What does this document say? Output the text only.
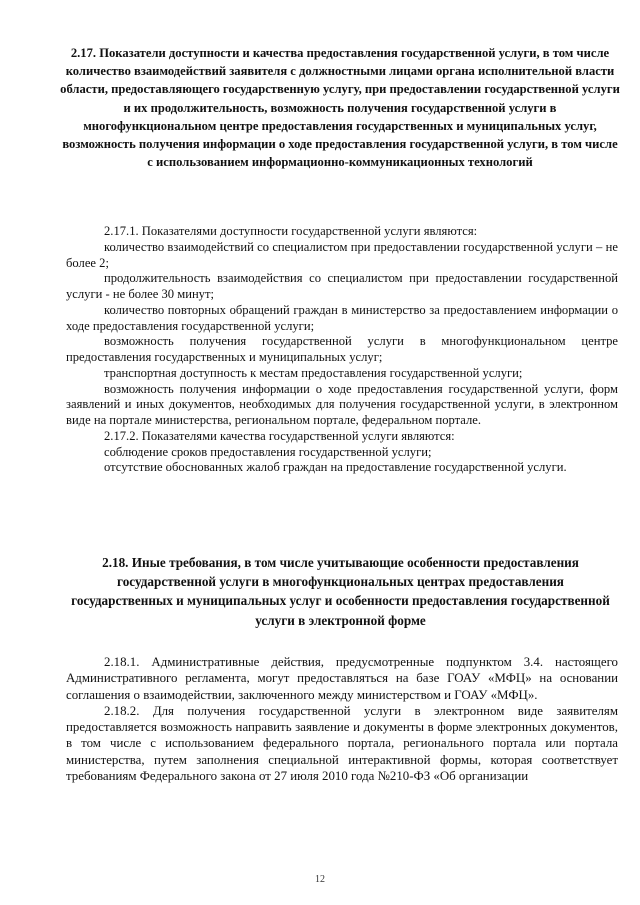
2.17. Показатели доступности и качества предоставления государственной услуги, в том числе количество взаимодействий заявителя с должностными лицами органа исполнительной власти области, предоставляющего государственную услугу, при предоставлении государственной услуги и их продолжительность, возможность получения государственной услуги в многофункциональном центре предоставления государственных и муниципальных услуг, возможность получения информации о ходе предоставления государственной услуги, в том числе с использованием информационно-коммуникационных технологий

2.17.1. Показателями доступности государственной услуги являются:

количество взаимодействий со специалистом при предоставлении государственной услуги – не более 2;

продолжительность взаимодействия со специалистом при предоставлении государственной услуги - не более 30 минут;

количество повторных обращений граждан в министерство за предоставлением информации о ходе предоставления государственной услуги;

возможность получения государственной услуги в многофункциональном центре предоставления государственных и муниципальных услуг;

транспортная доступность к местам предоставления государственной услуги;

возможность получения информации о ходе предоставления государственной услуги, форм заявлений и иных документов, необходимых для получения государственной услуги, в электронном виде на портале министерства, региональном портале, федеральном портале.

2.17.2. Показателями качества государственной услуги являются:

соблюдение сроков предоставления государственной услуги;

отсутствие обоснованных жалоб граждан на предоставление государственной услуги.

2.18. Иные требования, в том числе учитывающие особенности предоставления государственной услуги в многофункциональных центрах предоставления государственных и муниципальных услуг и особенности предоставления государственной услуги в электронной форме

2.18.1. Административные действия, предусмотренные подпунктом 3.4. настоящего Административного регламента, могут предоставляться на базе ГОАУ «МФЦ» на основании соглашения о взаимодействии, заключенного между министерством и ГОАУ «МФЦ».

2.18.2. Для получения государственной услуги в электронном виде заявителям предоставляется возможность направить заявление и документы в форме электронных документов, в том числе с использованием федерального портала, регионального портала или портала министерства, путем заполнения специальной интерактивной формы, которая соответствует требованиям Федерального закона от 27 июля 2010 года №210-ФЗ «Об организации

12
